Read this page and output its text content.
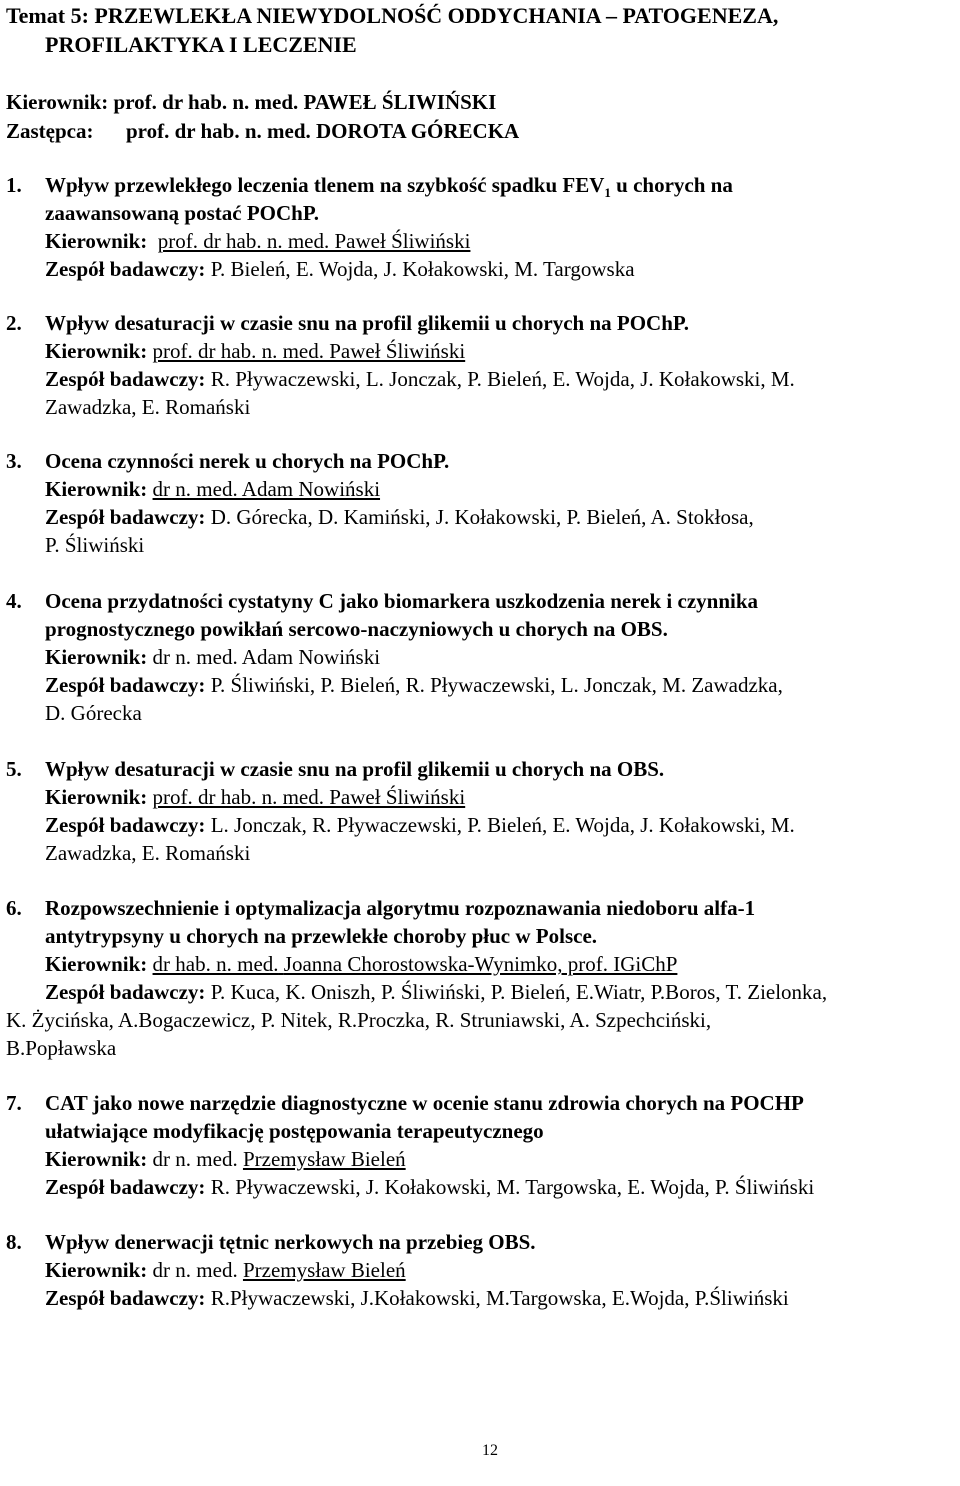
Temat 5: PRZEWLEKŁA NIEWYDOLNOŚĆ ODDYCHANIA – PATOGENEZA,
PROFILAKTYKA I LECZENIE
Kierownik: prof. dr hab. n. med. PAWEŁ ŚLIWIŃSKI
Zastępca: prof. dr hab. n. med. DOROTA GÓRECKA
1. Wpływ przewlekłego leczenia tlenem na szybkość spadku $FEV_1$ u chorych na
zaawansowaną postać POChP.
Kierownik: prof. dr hab. n. med. Paweł Śliwiński
Zespół badawczy: P. Bieleń, E. Wojda, J. Kołakowski, M. Targowska
2. Wpływ desaturacji w czasie snu na profil glikemii u chorych na POChP.
Kierownik: prof. dr hab. n. med. Paweł Śliwiński
Zespół badawczy: R. Pływaczewski, L. Jonczak, P. Bieleń, E. Wojda, J. Kołakowski, M.
Zawadzka, E. Romański
3. Ocena czynności nerek u chorych na POChP.
Kierownik: dr n. med. Adam Nowiński
Zespół badawczy: D. Górecka, D. Kamiński, J. Kołakowski, P. Bieleń, A. Stokłosa,
P. Śliwiński
4. Ocena przydatności cystatyny C jako biomarkera uszkodzenia nerek i czynnika
prognostycznego powikłań sercowo-naczyniowych u chorych na OBS.
Kierownik: dr n. med. Adam Nowiński
Zespół badawczy: P. Śliwiński, P. Bieleń, R. Pływaczewski, L. Jonczak, M. Zawadzka,
D. Górecka
5. Wpływ desaturacji w czasie snu na profil glikemii u chorych na OBS.
Kierownik: prof. dr hab. n. med. Paweł Śliwiński
Zespół badawczy: L. Jonczak, R. Pływaczewski, P. Bieleń, E. Wojda, J. Kołakowski, M.
Zawadzka, E. Romański
6. Rozpowszechnienie i optymalizacja algorytmu rozpoznawania niedoboru alfa-1
antytrypsyny u chorych na przewlekłe choroby płuc w Polsce.
Kierownik: dr hab. n. med. Joanna Chorostowska-Wynimko, prof. IGiChP
Zespół badawczy: P. Kuca, K. Oniszh, P. Śliwiński, P. Bieleń, E.Wiatr, P.Boros, T. Zielonka,
K. Życińska, A.Bogaczewicz, P. Nitek, R.Proczka, R. Struniawski, A. Szpechciński,
B.Popławska
7. CAT jako nowe narzędzie diagnostyczne w ocenie stanu zdrowia chorych na POCHP
ułatwiające modyfikację postępowania terapeutycznego
Kierownik: dr n. med. Przemysław Bieleń
Zespół badawczy: R. Pływaczewski, J. Kołakowski, M. Targowska, E. Wojda, P. Śliwiński
8. Wpływ denerwacji tętnic nerkowych na przebieg OBS.
Kierownik: dr n. med. Przemysław Bieleń
Zespół badawczy: R.Pływaczewski, J.Kołakowski, M.Targowska, E.Wojda, P.Śliwiński
12
